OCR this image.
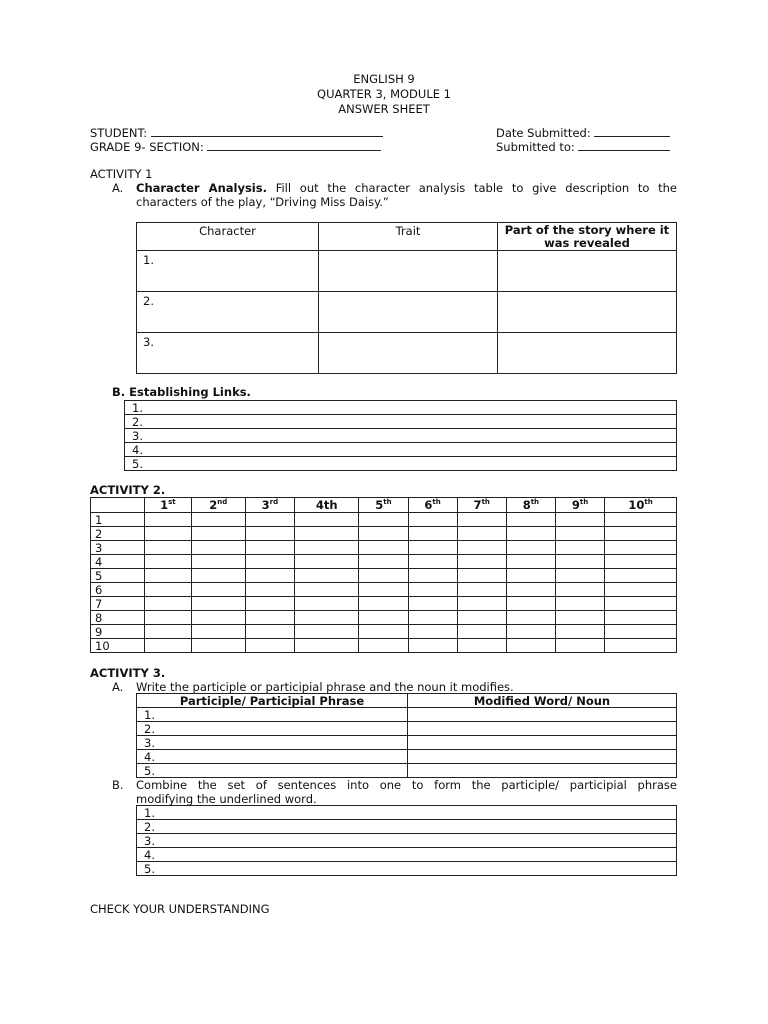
ENGLISH 9
QUARTER 3, MODULE 1
ANSWER SHEET
STUDENT:
GRADE 9- SECTION:
Date Submitted:
Submitted to:
ACTIVITY 1
A. Character Analysis. Fill out the character analysis table to give description to the
characters of the play, “Driving Miss Daisy.”
Character	Trait	Part of the story where it was revealed
1.		
2.		
3.		
B. Establishing Links.
1.
2.
3.
4.
5.
ACTIVITY 2.
	1st	2nd	3rd	4th	5th	6th	7th	8th	9th	10th
1										
2										
3										
4										
5										
6										
7										
8										
9										
10										
ACTIVITY 3.
A. Write the participle or participial phrase and the noun it modifies.
Participle/ Participial Phrase	Modified Word/ Noun
1.	
2.	
3.	
4.	
5.	
B. Combine the set of sentences into one to form the participle/ participial phrase
modifying the underlined word.
1.
2.
3.
4.
5.
CHECK YOUR UNDERSTANDING
